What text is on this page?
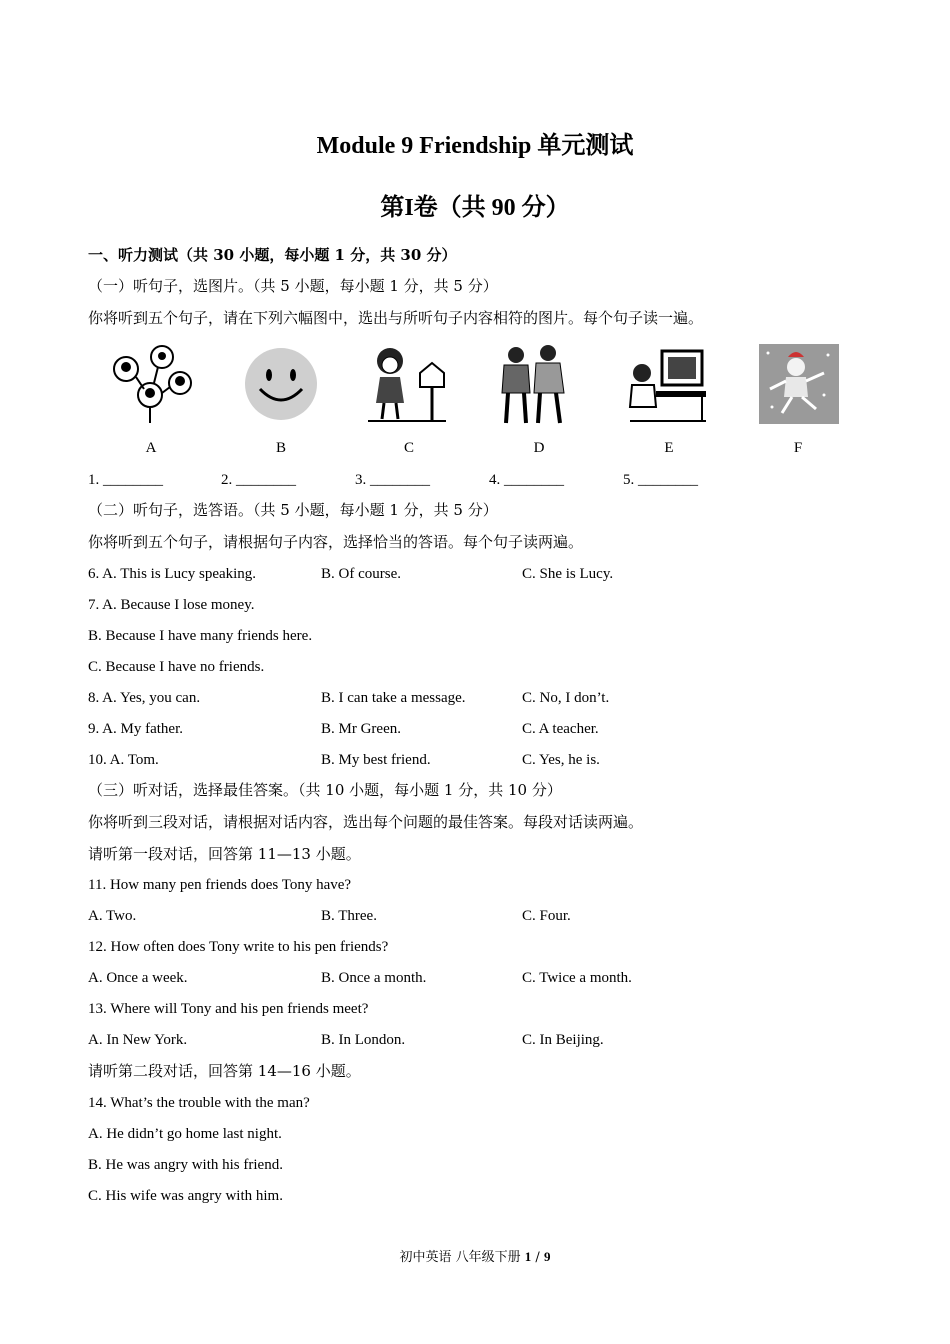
Module 9 Friendship 单元测试
第I卷（共 90 分）
一、听力测试（共 30 小题，每小题 1 分，共 30 分）
（一）听句子，选图片。（共 5 小题，每小题 1 分，共 5 分）
你将听到五个句子，请在下列六幅图中，选出与所听句子内容相符的图片。每个句子读一遍。
A	B	C	D	E	F
1. ________	2. ________	3. ________	4. ________	5. ________
（二）听句子，选答语。（共 5 小题，每小题 1 分，共 5 分）
你将听到五个句子，请根据句子内容，选择恰当的答语。每个句子读两遍。
6. A. This is Lucy speaking.	B. Of course.	C. She is Lucy.
7. A. Because I lose money.
B. Because I have many friends here.
C. Because I have no friends.
8. A. Yes, you can.	B. I can take a message.	C. No, I don’t.
9. A. My father.	B. Mr Green.	C. A teacher.
10. A. Tom.	B. My best friend.	C. Yes, he is.
（三）听对话，选择最佳答案。（共 10 小题，每小题 1 分，共 10 分）
你将听到三段对话，请根据对话内容，选出每个问题的最佳答案。每段对话读两遍。
请听第一段对话，回答第 11—13 小题。
11. How many pen friends does Tony have?
A. Two.	B. Three.	C. Four.
12. How often does Tony write to his pen friends?
A. Once a week.	B. Once a month.	C. Twice a month.
13. Where will Tony and his pen friends meet?
A. In New York.	B. In London.	C. In Beijing.
请听第二段对话，回答第 14—16 小题。
14. What’s the trouble with the man?
A. He didn’t go home last night.
B. He was angry with his friend.
C. His wife was angry with him.
初中英语 八年级下册 1 / 9
